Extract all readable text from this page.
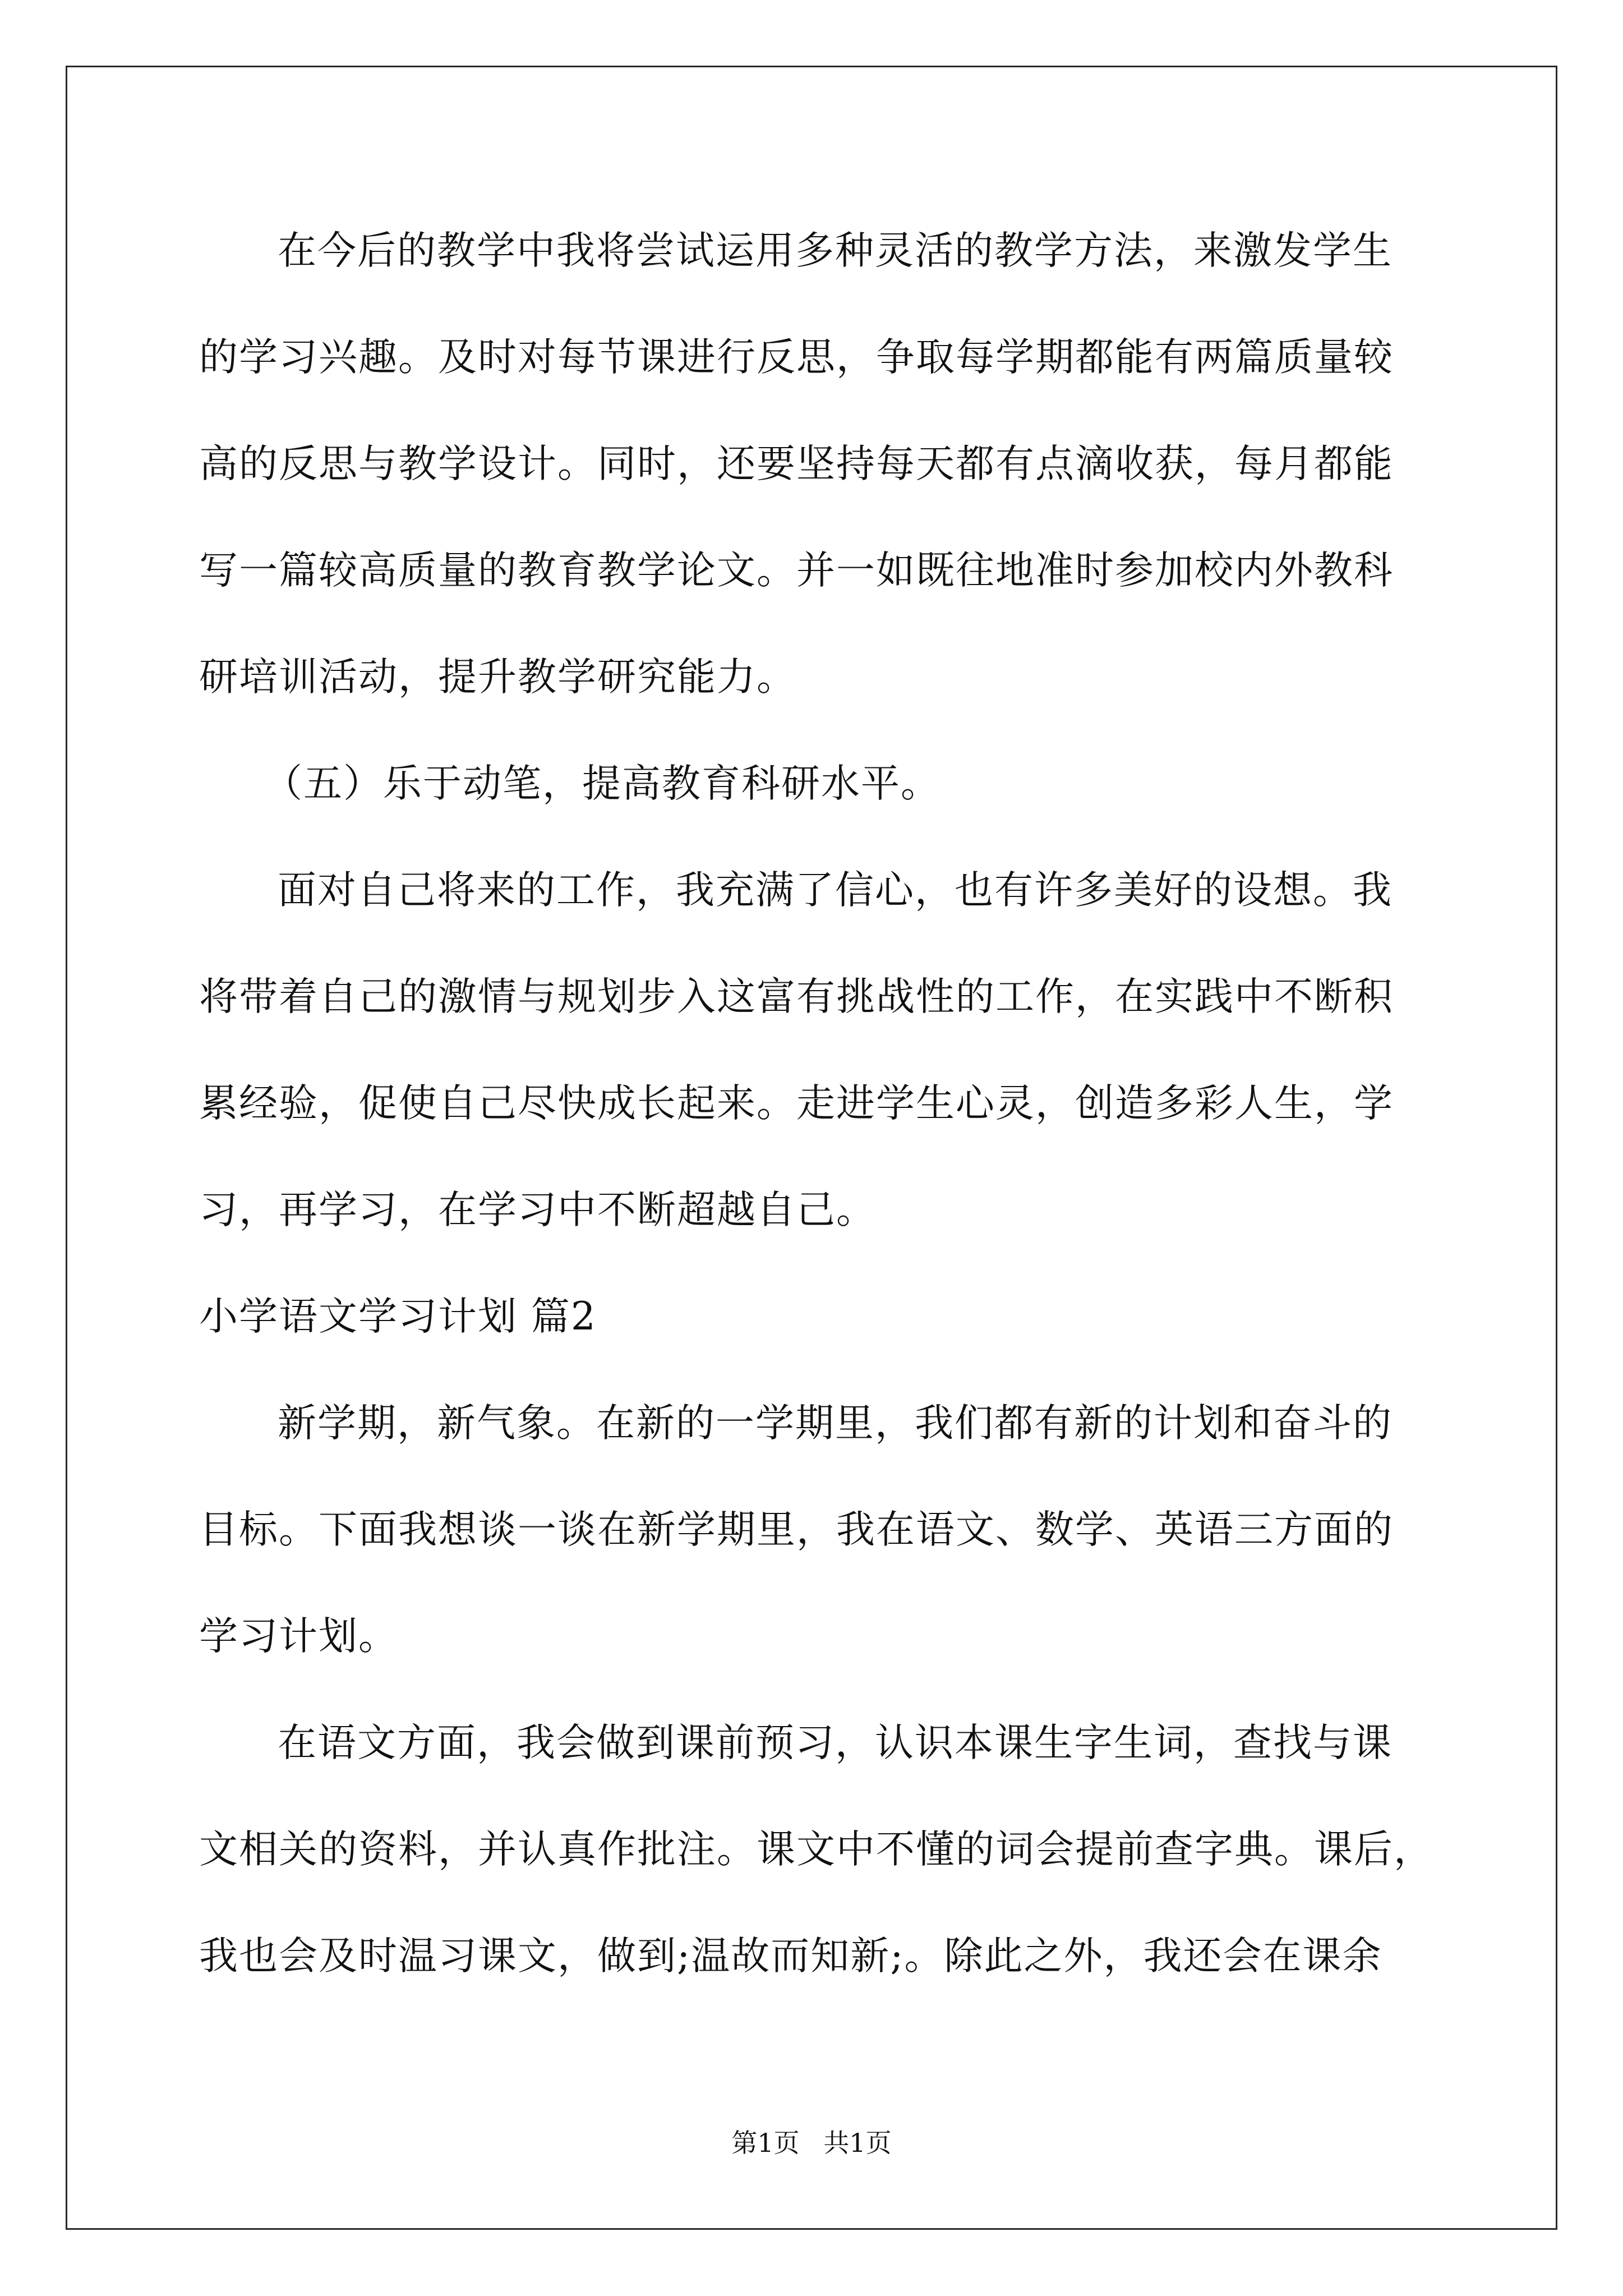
在今后的教学中我将尝试运用多种灵活的教学方法，来激发学生
的学习兴趣。及时对每节课进行反思，争取每学期都能有两篇质量较
高的反思与教学设计。同时，还要坚持每天都有点滴收获，每月都能
写一篇较高质量的教育教学论文。并一如既往地准时参加校内外教科
研培训活动，提升教学研究能力。
（五）乐于动笔，提高教育科研水平。
面对自己将来的工作，我充满了信心，也有许多美好的设想。我
将带着自己的激情与规划步入这富有挑战性的工作，在实践中不断积
累经验，促使自己尽快成长起来。走进学生心灵，创造多彩人生，学
习，再学习，在学习中不断超越自己。
小学语文学习计划 篇2
新学期，新气象。在新的一学期里，我们都有新的计划和奋斗的
目标。下面我想谈一谈在新学期里，我在语文、数学、英语三方面的
学习计划。
在语文方面，我会做到课前预习，认识本课生字生词，查找与课
文相关的资料，并认真作批注。课文中不懂的词会提前查字典。课后，
我也会及时温习课文，做到;温故而知新;。除此之外，我还会在课余
第1页 共1页
